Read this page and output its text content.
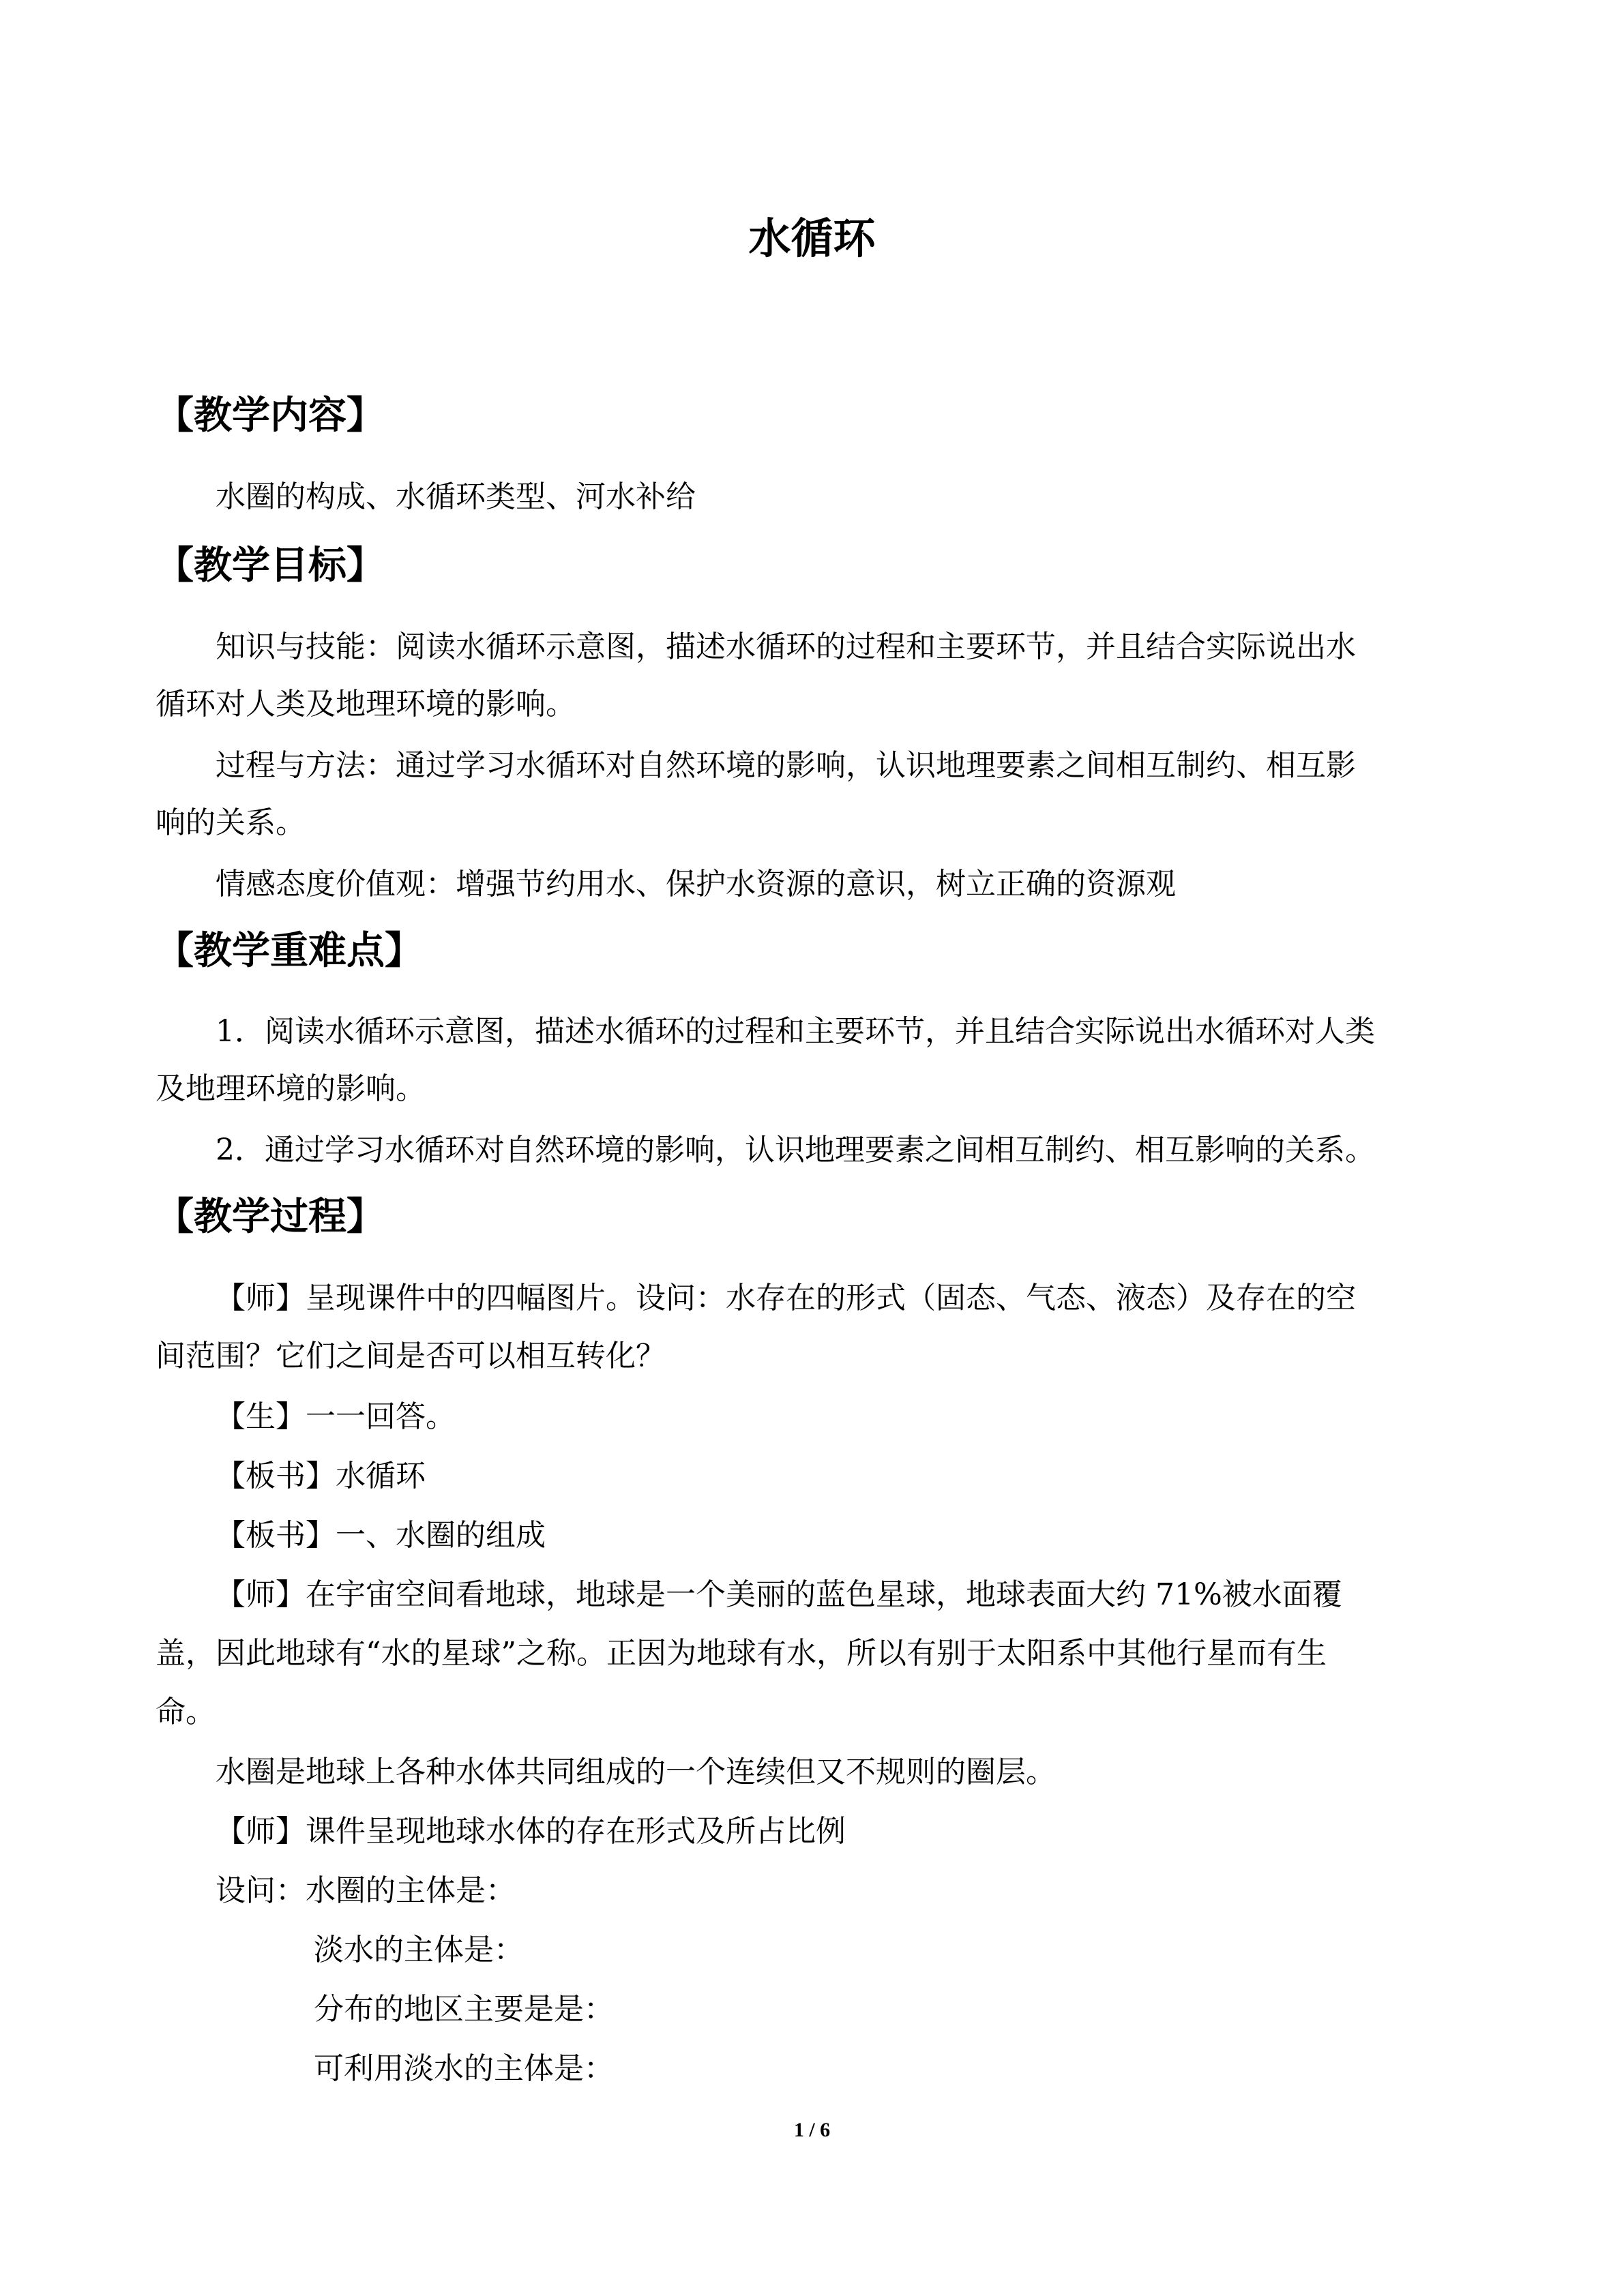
水循环
【教学内容】
水圈的构成、水循环类型、河水补给
【教学目标】
知识与技能：阅读水循环示意图，描述水循环的过程和主要环节，并且结合实际说出水
循环对人类及地理环境的影响。
过程与方法：通过学习水循环对自然环境的影响，认识地理要素之间相互制约、相互影
响的关系。
情感态度价值观：增强节约用水、保护水资源的意识，树立正确的资源观
【教学重难点】
1．阅读水循环示意图，描述水循环的过程和主要环节，并且结合实际说出水循环对人类
及地理环境的影响。
2．通过学习水循环对自然环境的影响，认识地理要素之间相互制约、相互影响的关系。
【教学过程】
【师】呈现课件中的四幅图片。设问：水存在的形式（固态、气态、液态）及存在的空
间范围？它们之间是否可以相互转化？
【生】一一回答。
【板书】水循环
【板书】一、水圈的组成
【师】在宇宙空间看地球，地球是一个美丽的蓝色星球，地球表面大约 71%被水面覆
盖，因此地球有“水的星球”之称。正因为地球有水，所以有别于太阳系中其他行星而有生
命。
水圈是地球上各种水体共同组成的一个连续但又不规则的圈层。
【师】课件呈现地球水体的存在形式及所占比例
设问：水圈的主体是：
淡水的主体是：
分布的地区主要是是：
可利用淡水的主体是：
1 / 6
